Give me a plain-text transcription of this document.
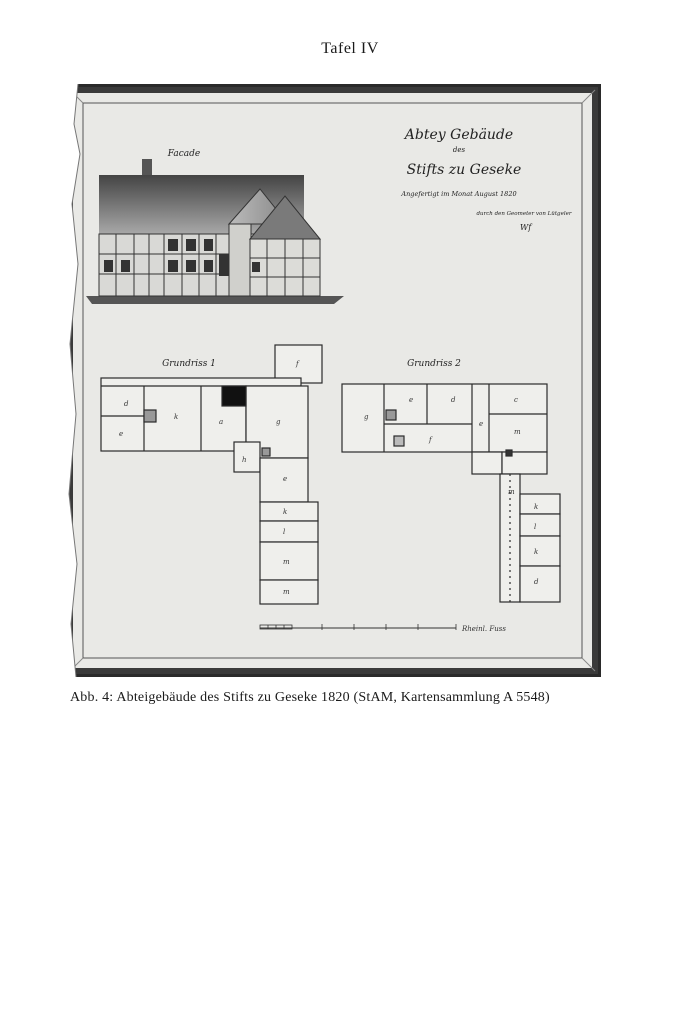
Tafel IV
Abtey Gebäude
des
Stifts zu Geseke
Angefertigt im Monat August 1820
durch den Geometer von Lütgeler
Wf
Facade
Grundriss 1
d
e
k
a	g
h
e
k
l
m
m
f	Grundriss 2
g
e	d	c
f
m
e
m
k
l
k
d
Rheinl. Fuss
Abb. 4: Abteigebäude des Stifts zu Geseke 1820 (StAM, Kartensammlung A 5548)
